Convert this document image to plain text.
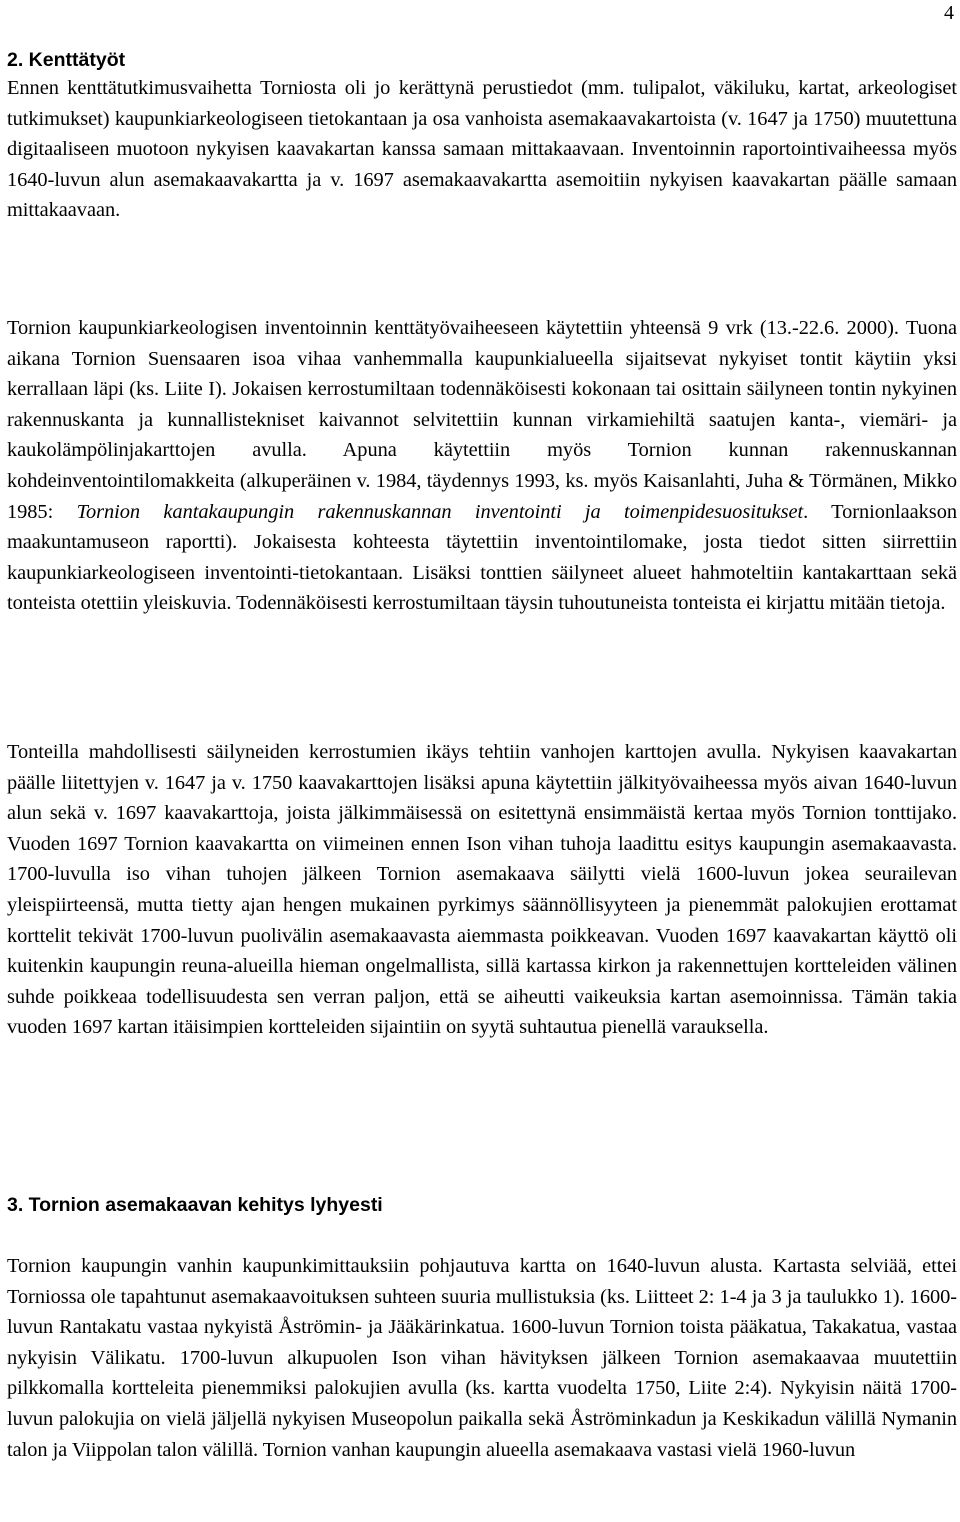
4
2. Kenttätyöt

Ennen kenttätutkimusvaihetta Torniosta oli jo kerättynä perustiedot (mm. tulipalot, väkiluku, kartat, arkeologiset tutkimukset) kaupunkiarkeologiseen tietokantaan ja osa vanhoista asemakaavakartoista (v. 1647 ja 1750) muutettuna digitaaliseen muotoon nykyisen kaavakartan kanssa samaan mittakaavaan. Inventoinnin raportointivaiheessa myös 1640-luvun alun asemakaavakartta ja v. 1697 asemakaavakartta asemoitiin nykyisen kaavakartan päälle samaan mittakaavaan.

Tornion kaupunkiarkeologisen inventoinnin kenttätyövaiheeseen käytettiin yhteensä 9 vrk (13.-22.6. 2000). Tuona aikana Tornion Suensaaren isoa vihaa vanhemmalla kaupunkialueella sijaitsevat nykyiset tontit käytiin yksi kerrallaan läpi (ks. Liite I). Jokaisen kerrostumiltaan todennäköisesti kokonaan tai osittain säilyneen tontin nykyinen rakennuskanta ja kunnallistekniset kaivannot selvitettiin kunnan virkamiehiltä saatujen kanta-, viemäri- ja kaukolämpölinjakarttojen avulla. Apuna käytettiin myös Tornion kunnan rakennuskannan kohdeinventointilomakkeita (alkuperäinen v. 1984, täydennys 1993, ks. myös Kaisanlahti, Juha & Törmänen, Mikko 1985: Tornion kantakaupungin rakennuskannan inventointi ja toimenpidesuositukset. Tornionlaakson maakuntamuseon raportti). Jokaisesta kohteesta täytettiin inventointilomake, josta tiedot sitten siirrettiin kaupunkiarkeologiseen inventointi-tietokantaan. Lisäksi tonttien säilyneet alueet hahmoteltiin kantakarttaan sekä tonteista otettiin yleiskuvia. Todennäköisesti kerrostumiltaan täysin tuhoutuneista tonteista ei kirjattu mitään tietoja.

Tonteilla mahdollisesti säilyneiden kerrostumien ikäys tehtiin vanhojen karttojen avulla. Nykyisen kaavakartan päälle liitettyjen v. 1647 ja v. 1750 kaavakarttojen lisäksi apuna käytettiin jälkityövaiheessa myös aivan 1640-luvun alun sekä v. 1697 kaavakarttoja, joista jälkimmäisessä on esitettynä ensimmäistä kertaa myös Tornion tonttijako. Vuoden 1697 Tornion kaavakartta on viimeinen ennen Ison vihan tuhoja laadittu esitys kaupungin asemakaavasta. 1700-luvulla iso vihan tuhojen jälkeen Tornion asemakaava säilytti vielä 1600-luvun jokea seurailevan yleispiirteensä, mutta tietty ajan hengen mukainen pyrkimys säännöllisyyteen ja pienemmät palokujien erottamat korttelit tekivät 1700-luvun puolivälin asemakaavasta aiemmasta poikkeavan. Vuoden 1697 kaavakartan käyttö oli kuitenkin kaupungin reuna-alueilla hieman ongelmallista, sillä kartassa kirkon ja rakennettujen kortteleiden välinen suhde poikkeaa todellisuudesta sen verran paljon, että se aiheutti vaikeuksia kartan asemoinnissa. Tämän takia vuoden 1697 kartan itäisimpien kortteleiden sijaintiin on syytä suhtautua pienellä varauksella.

3. Tornion asemakaavan kehitys lyhyesti

Tornion kaupungin vanhin kaupunkimittauksiin pohjautuva kartta on 1640-luvun alusta. Kartasta selviää, ettei Torniossa ole tapahtunut asemakaavoituksen suhteen suuria mullistuksia (ks. Liitteet 2: 1-4 ja 3 ja taulukko 1). 1600-luvun Rantakatu vastaa nykyistä Åströmin- ja Jääkärinkatua. 1600-luvun Tornion toista pääkatua, Takakatua, vastaa nykyisin Välikatu. 1700-luvun alkupuolen Ison vihan hävityksen jälkeen Tornion asemakaavaa muutettiin pilkkomalla kortteleita pienemmiksi palokujien avulla (ks. kartta vuodelta 1750, Liite 2:4). Nykyisin näitä 1700-luvun palokujia on vielä jäljellä nykyisen Museopolun paikalla sekä Åströminkadun ja Keskikadun välillä Nymanin talon ja Viippolan talon välillä. Tornion vanhan kaupungin alueella asemakaava vastasi vielä 1960-luvun
